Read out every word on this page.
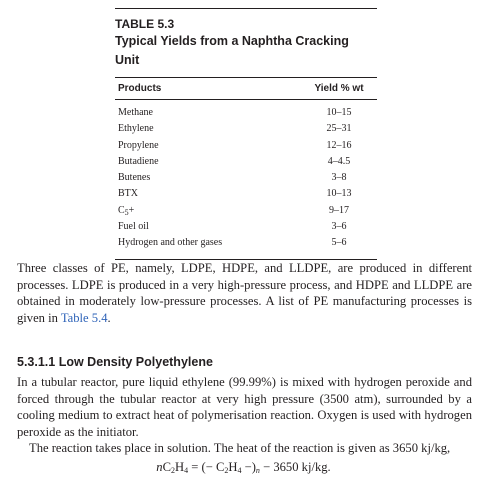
TABLE 5.3
Typical Yields from a Naphtha Cracking Unit
Products	Yield % wt
Methane	10–15
Ethylene	25–31
Propylene	12–16
Butadiene	4–4.5
Butenes	3–8
BTX	10–13
$C_5+$	9–17
Fuel oil	3–6
Hydrogen and other gases	5–6

Three classes of PE, namely, LDPE, HDPE, and LLDPE, are produced in different processes. LDPE is produced in a very high-pressure process, and HDPE and LLDPE are obtained in moderately low-pressure processes. A list of PE manufacturing processes is given in Table 5.4.

5.3.1.1 Low Density Polyethylene

In a tubular reactor, pure liquid ethylene (99.99%) is mixed with hydrogen peroxide and forced through the tubular reactor at very high pressure (3500 atm), surrounded by a cooling medium to extract heat of polymerisation reaction. Oxygen is used with hydrogen peroxide as the initiator.

The reaction takes place in solution. The heat of the reaction is given as 3650 kj/kg,

$nC_2H_4$ = (− $C_2H_4 -)_n - 3650$ kj/kg.
